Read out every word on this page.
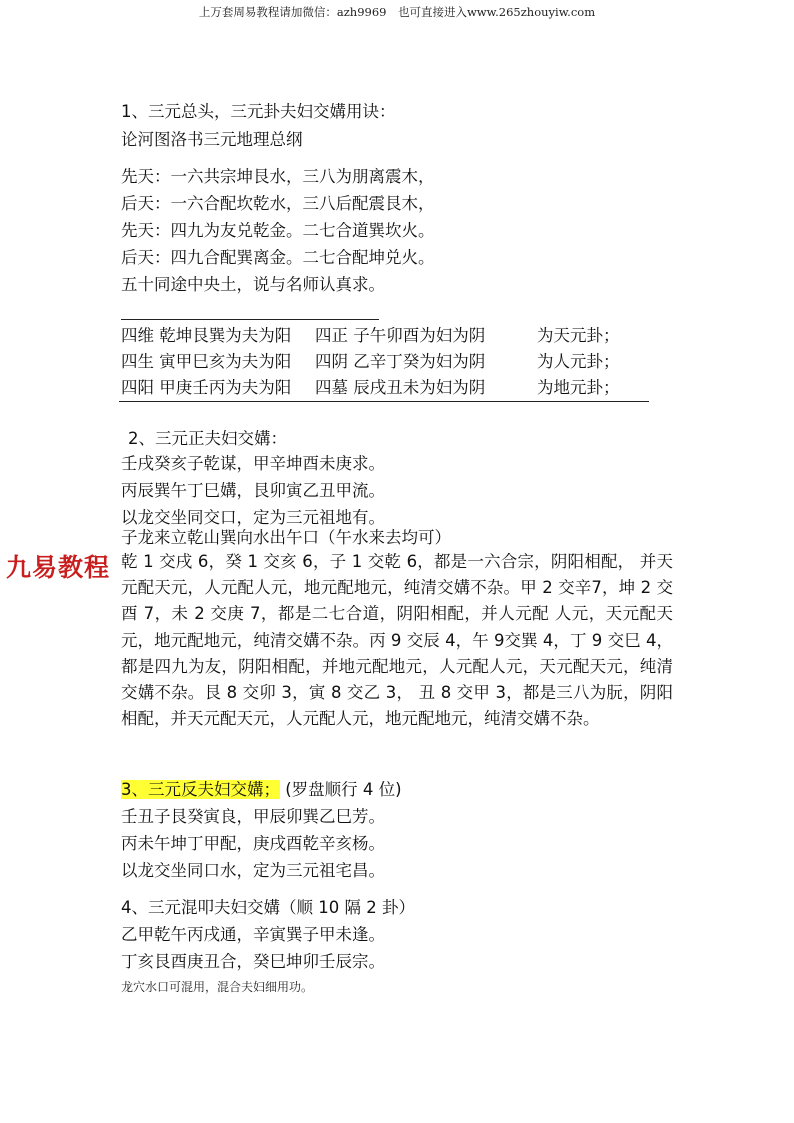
上万套周易教程请加微信：azh9969　也可直接进入www.265zhouyiw.com
九易教程
1、三元总头，三元卦夫妇交媾用诀：
论河图洛书三元地理总纲
先天：一六共宗坤艮水，三八为朋离震木，
后天：一六合配坎乾水，三八后配震艮木，
先天：四九为友兑乾金。二七合道巽坎火。
后天：四九合配巽离金。二七合配坤兑火。
五十同途中央土，说与名师认真求。
四维 乾坤艮巽为夫为阳	四正 子午卯酉为妇为阴	为天元卦；
四生 寅甲巳亥为夫为阳	四阴 乙辛丁癸为妇为阴	为人元卦；
四阳 甲庚壬丙为夫为阳	四墓 辰戌丑未为妇为阴	为地元卦；
2、三元正夫妇交媾：
壬戌癸亥子乾谋，甲辛坤酉未庚求。
丙辰巽午丁巳媾，艮卯寅乙丑甲流。
以龙交坐同交口，定为三元祖地有。
子龙来立乾山巽向水出午口（午水来去均可）
乾 1 交戌 6，癸 1 交亥 6，子 1 交乾 6，都是一六合宗，阴阳相配， 并天元配天元，人元配人元，地元配地元，纯清交媾不杂。甲 2 交辛7，坤 2 交酉 7，未 2 交庚 7，都是二七合道，阴阳相配，并人元配 人元，天元配天元，地元配地元，纯清交媾不杂。丙 9 交辰 4，午 9交巽 4，丁 9 交巳 4，都是四九为友，阴阳相配，并地元配地元，人元配人元，天元配天元，纯清交媾不杂。艮 8 交卯 3，寅 8 交乙 3， 丑 8 交甲 3，都是三八为朊，阴阳相配，并天元配天元，人元配人元，地元配地元，纯清交媾不杂。
3、三元反夫妇交媾； (罗盘顺行 4 位)
壬丑子艮癸寅良，甲辰卯巽乙巳芳。
丙未午坤丁甲配，庚戌酉乾辛亥杨。
以龙交坐同口水，定为三元祖宅昌。
4、三元混叩夫妇交媾（顺 10 隔 2 卦）
乙甲乾午丙戌通，辛寅巽子甲未逢。
丁亥艮酉庚丑合，癸巳坤卯壬辰宗。
龙穴水口可混用，混合夫妇细用功。
